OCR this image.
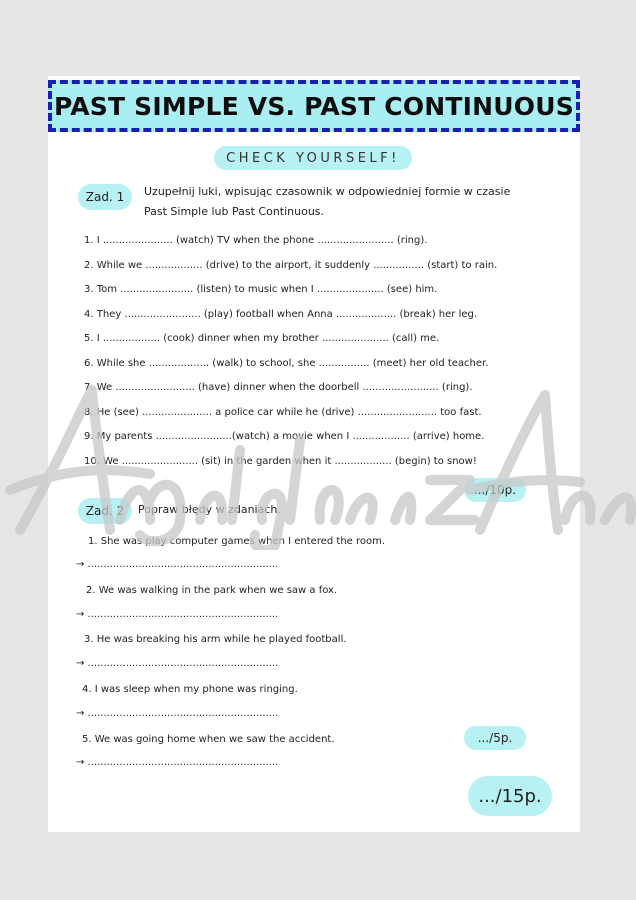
PAST SIMPLE VS. PAST CONTINUOUS
CHECK YOURSELF!
Zad. 1 Uzupełnij luki, wpisując czasownik w odpowiedniej formie w czasie
Past Simple lub Past Continuous.
1. I ...................... (watch) TV when the phone ........................ (ring).
2. While we .................. (drive) to the airport, it suddenly ................ (start) to rain.
3. Tom ....................... (listen) to music when I ..................... (see) him.
4. They ........................ (play) football when Anna ................... (break) her leg.
5. I .................. (cook) dinner when my brother ..................... (call) me.
6. While she ................... (walk) to school, she ................ (meet) her old teacher.
7. We ......................... (have) dinner when the doorbell ........................ (ring).
8. He (see) ...................... a police car while he (drive) ......................... too fast.
9. My parents ........................(watch) a movie when I .................. (arrive) home.
10. We ........................ (sit) in the garden when it .................. (begin) to snow!
.../10p.
Zad. 2 Popraw błędy w zdaniach.
1. She was play computer games when I entered the room.
→ ............................................................
2. We was walking in the park when we saw a fox.
→ ............................................................
3. He was breaking his arm while he played football.
→ ............................................................
4. I was sleep when my phone was ringing.
→ ............................................................
5. We was going home when we saw the accident.	.../5p.
→ ............................................................
.../15p.
